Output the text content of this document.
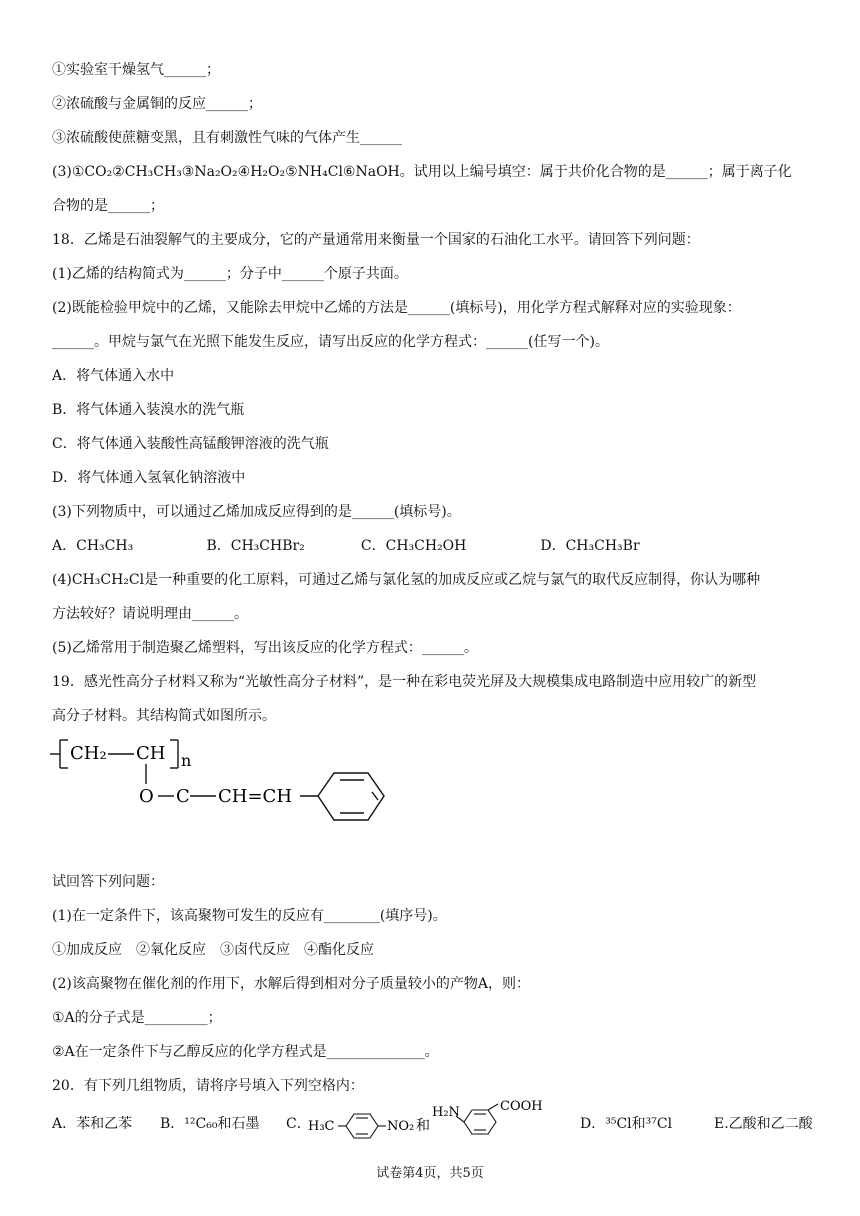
①实验室干燥氢气______；
②浓硫酸与金属铜的反应______；
③浓硫酸使蔗糖变黑，且有刺激性气味的气体产生______
(3)①CO₂②CH₃CH₃③Na₂O₂④H₂O₂⑤NH₄Cl⑥NaOH。试用以上编号填空：属于共价化合物的是______；属于离子化
合物的是______；
18．乙烯是石油裂解气的主要成分，它的产量通常用来衡量一个国家的石油化工水平。请回答下列问题：
(1)乙烯的结构简式为______；分子中______个原子共面。
(2)既能检验甲烷中的乙烯，又能除去甲烷中乙烯的方法是______(填标号)，用化学方程式解释对应的实验现象：
______。甲烷与氯气在光照下能发生反应，请写出反应的化学方程式：______(任写一个)。
A．将气体通入水中
B．将气体通入装溴水的洗气瓶
C．将气体通入装酸性高锰酸钾溶液的洗气瓶
D．将气体通入氢氧化钠溶液中
(3)下列物质中，可以通过乙烯加成反应得到的是______(填标号)。
A．CH₃CH₃	B．CH₃CHBr₂	C．CH₃CH₂OH	D．CH₃CH₃Br
(4)CH₃CH₂Cl是一种重要的化工原料，可通过乙烯与氯化氢的加成反应或乙烷与氯气的取代反应制得，你认为哪种
方法较好？请说明理由______。
(5)乙烯常用于制造聚乙烯塑料，写出该反应的化学方程式：______。
19．感光性高分子材料又称为“光敏性高分子材料”，是一种在彩电荧光屏及大规模集成电路制造中应用较广的新型
高分子材料。其结构简式如图所示。
CH₂ CH n
O C CH=CH
试回答下列问题：
(1)在一定条件下，该高聚物可发生的反应有________(填序号)。
①加成反应　②氧化反应　③卤代反应　④酯化反应
(2)该高聚物在催化剂的作用下，水解后得到相对分子质量较小的产物A，则：
①A的分子式是_________；
②A在一定条件下与乙醇反应的化学方程式是______________。
20．有下列几组物质，请将序号填入下列空格内：
A．苯和乙苯 B．¹²C₆₀和石墨 C．	D．³⁵Cl和³⁷Cl	E.乙酸和乙二酸
H₃C	NO₂ 和
H₂N	COOH
试卷第4页，共5页
